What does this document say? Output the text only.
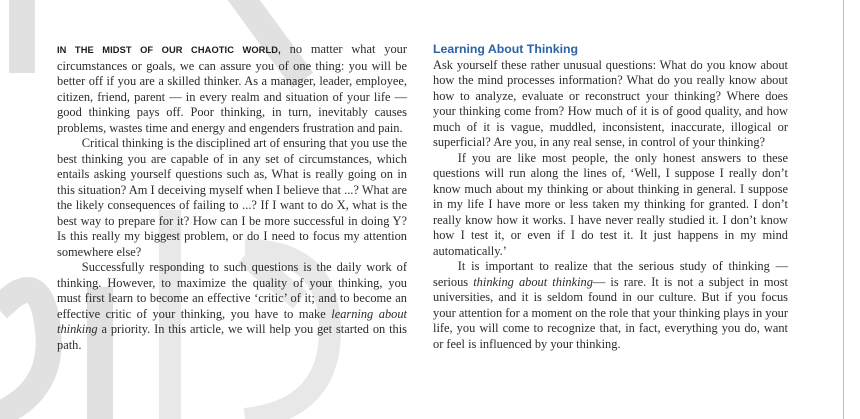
IN THE MIDST OF OUR CHAOTIC WORLD, no matter what your circumstances or goals, we can assure you of one thing: you will be better off if you are a skilled thinker. As a manager, leader, employee, citizen, friend, parent — in every realm and situation of your life — good thinking pays off. Poor thinking, in turn, inevitably causes problems, wastes time and energy and engenders frustration and pain.

Critical thinking is the disciplined art of ensuring that you use the best thinking you are capable of in any set of circumstances, which entails asking yourself questions such as, What is really going on in this situation? Am I deceiving myself when I believe that ...? What are the likely consequences of failing to ...? If I want to do X, what is the best way to prepare for it? How can I be more successful in doing Y? Is this really my biggest problem, or do I need to focus my attention somewhere else?

Successfully responding to such questions is the daily work of thinking. However, to maximize the quality of your thinking, you must first learn to become an effective ‘critic’ of it; and to become an effective critic of your thinking, you have to make learning about thinking a priority. In this article, we will help you get started on this path.

Learning About Thinking

Ask yourself these rather unusual questions: What do you know about how the mind processes information? What do you really know about how to analyze, evaluate or reconstruct your thinking? Where does your thinking come from? How much of it is of good quality, and how much of it is vague, muddled, inconsistent, inaccurate, illogical or superficial? Are you, in any real sense, in control of your thinking?

If you are like most people, the only honest answers to these questions will run along the lines of, ‘Well, I suppose I really don’t know much about my thinking or about thinking in general. I suppose in my life I have more or less taken my thinking for granted. I don’t really know how it works. I have never really studied it. I don’t know how I test it, or even if I do test it. It just happens in my mind automatically.’

It is important to realize that the serious study of thinking — serious thinking about thinking— is rare. It is not a subject in most universities, and it is seldom found in our culture. But if you focus your attention for a moment on the role that your thinking plays in your life, you will come to recognize that, in fact, everything you do, want or feel is influenced by your thinking.
